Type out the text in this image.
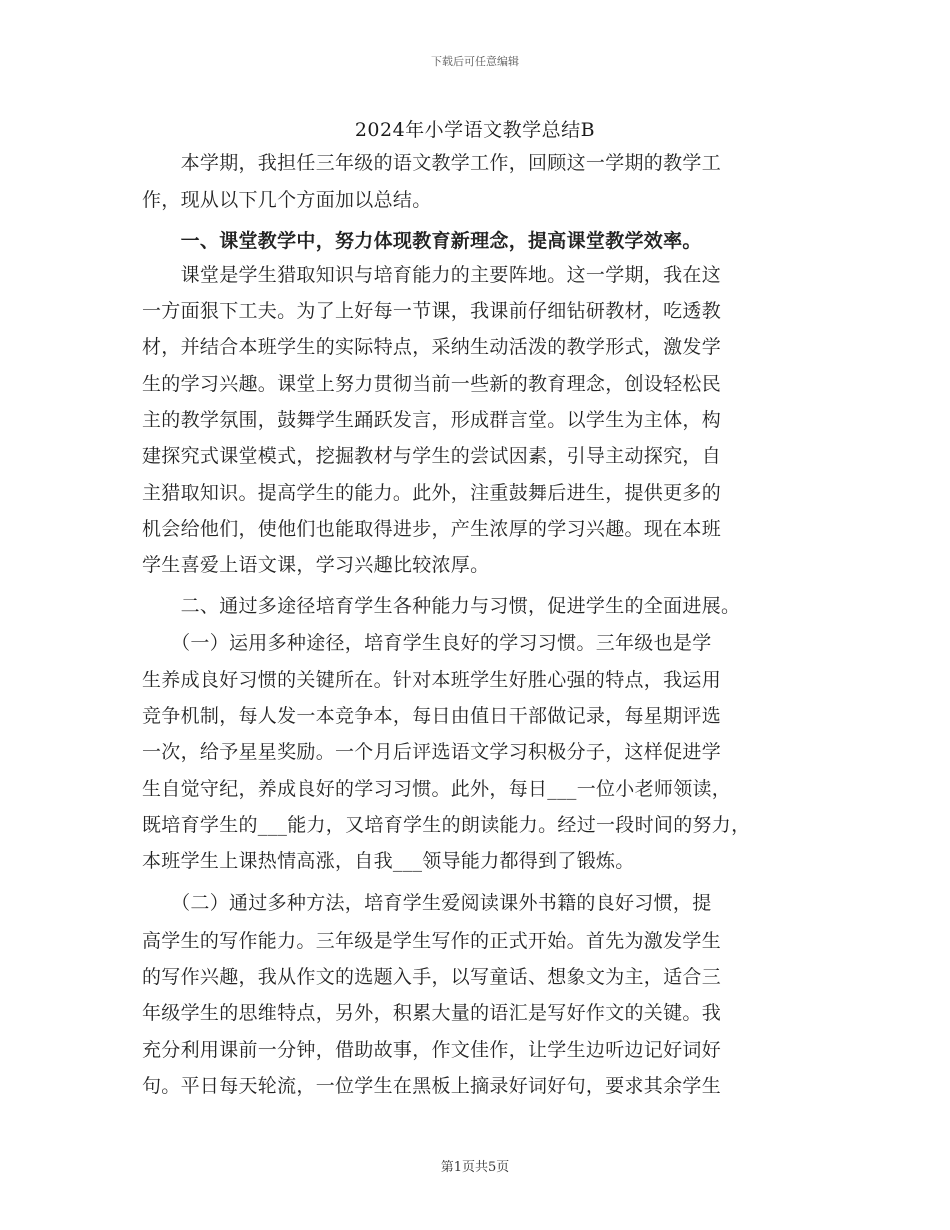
下载后可任意编辑
2024年小学语文教学总结B
　　本学期，我担任三年级的语文教学工作，回顾这一学期的教学工
作，现从以下几个方面加以总结。
　　一、课堂教学中，努力体现教育新理念，提高课堂教学效率。
　　课堂是学生猎取知识与培育能力的主要阵地。这一学期，我在这
一方面狠下工夫。为了上好每一节课，我课前仔细钻研教材，吃透教
材，并结合本班学生的实际特点，采纳生动活泼的教学形式，激发学
生的学习兴趣。课堂上努力贯彻当前一些新的教育理念，创设轻松民
主的教学氛围，鼓舞学生踊跃发言，形成群言堂。以学生为主体，构
建探究式课堂模式，挖掘教材与学生的尝试因素，引导主动探究，自
主猎取知识。提高学生的能力。此外，注重鼓舞后进生，提供更多的
机会给他们，使他们也能取得进步，产生浓厚的学习兴趣。现在本班
学生喜爱上语文课，学习兴趣比较浓厚。
　　二、通过多途径培育学生各种能力与习惯，促进学生的全面进展。
　　（一）运用多种途径，培育学生良好的学习习惯。三年级也是学
生养成良好习惯的关键所在。针对本班学生好胜心强的特点，我运用
竞争机制，每人发一本竞争本，每日由值日干部做记录，每星期评选
一次，给予星星奖励。一个月后评选语文学习积极分子，这样促进学
生自觉守纪，养成良好的学习习惯。此外，每日___一位小老师领读，
既培育学生的___能力，又培育学生的朗读能力。经过一段时间的努力，
本班学生上课热情高涨，自我___领导能力都得到了锻炼。
　　（二）通过多种方法，培育学生爱阅读课外书籍的良好习惯，提
高学生的写作能力。三年级是学生写作的正式开始。首先为激发学生
的写作兴趣，我从作文的选题入手，以写童话、想象文为主，适合三
年级学生的思维特点，另外，积累大量的语汇是写好作文的关键。我
充分利用课前一分钟，借助故事，作文佳作，让学生边听边记好词好
句。平日每天轮流，一位学生在黑板上摘录好词好句，要求其余学生
第1页共5页
